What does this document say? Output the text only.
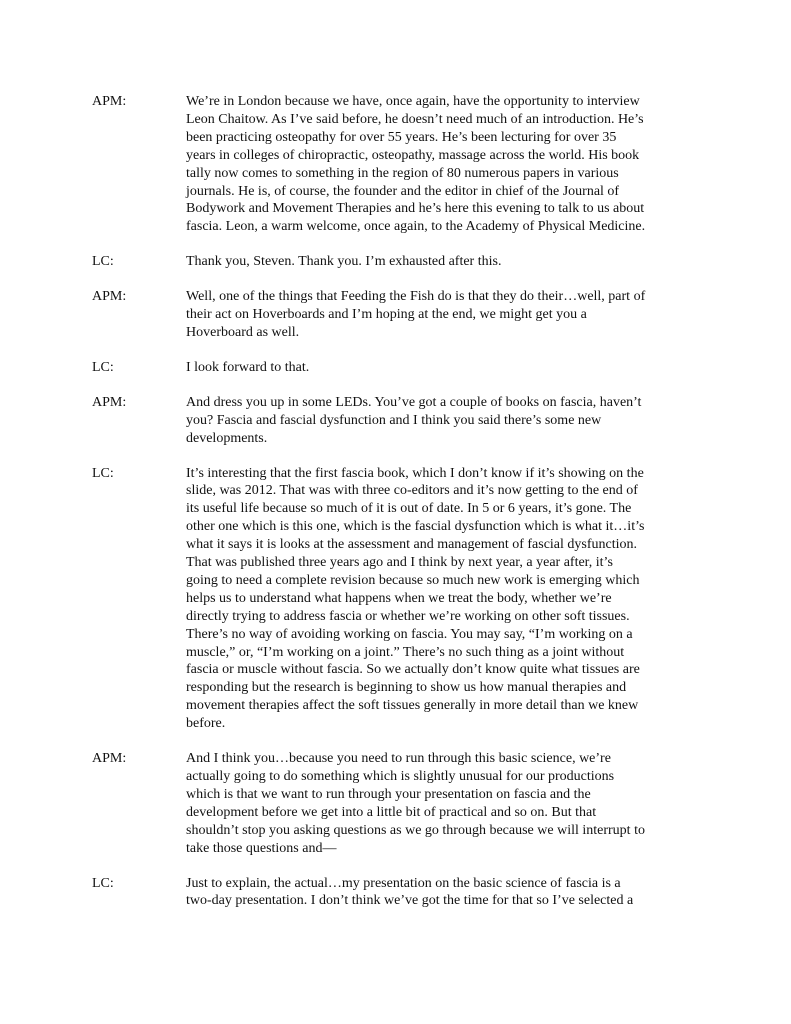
APM:	We’re in London because we have, once again, have the opportunity to interview
Leon Chaitow. As I’ve said before, he doesn’t need much of an introduction. He’s
been practicing osteopathy for over 55 years. He’s been lecturing for over 35
years in colleges of chiropractic, osteopathy, massage across the world. His book
tally now comes to something in the region of 80 numerous papers in various
journals. He is, of course, the founder and the editor in chief of the Journal of
Bodywork and Movement Therapies and he’s here this evening to talk to us about
fascia. Leon, a warm welcome, once again, to the Academy of Physical Medicine.
LC:	Thank you, Steven. Thank you. I’m exhausted after this.
APM:	Well, one of the things that Feeding the Fish do is that they do their…well, part of
their act on Hoverboards and I’m hoping at the end, we might get you a
Hoverboard as well.
LC:	I look forward to that.
APM:	And dress you up in some LEDs. You’ve got a couple of books on fascia, haven’t
you? Fascia and fascial dysfunction and I think you said there’s some new
developments.
LC:	It’s interesting that the first fascia book, which I don’t know if it’s showing on the
slide, was 2012. That was with three co-editors and it’s now getting to the end of
its useful life because so much of it is out of date. In 5 or 6 years, it’s gone. The
other one which is this one, which is the fascial dysfunction which is what it…it’s
what it says it is looks at the assessment and management of fascial dysfunction.
That was published three years ago and I think by next year, a year after, it’s
going to need a complete revision because so much new work is emerging which
helps us to understand what happens when we treat the body, whether we’re
directly trying to address fascia or whether we’re working on other soft tissues.
There’s no way of avoiding working on fascia. You may say, “I’m working on a
muscle,” or, “I’m working on a joint.” There’s no such thing as a joint without
fascia or muscle without fascia. So we actually don’t know quite what tissues are
responding but the research is beginning to show us how manual therapies and
movement therapies affect the soft tissues generally in more detail than we knew
before.
APM:	And I think you…because you need to run through this basic science, we’re
actually going to do something which is slightly unusual for our productions
which is that we want to run through your presentation on fascia and the
development before we get into a little bit of practical and so on. But that
shouldn’t stop you asking questions as we go through because we will interrupt to
take those questions and—
LC:	Just to explain, the actual…my presentation on the basic science of fascia is a
two-day presentation. I don’t think we’ve got the time for that so I’ve selected a
